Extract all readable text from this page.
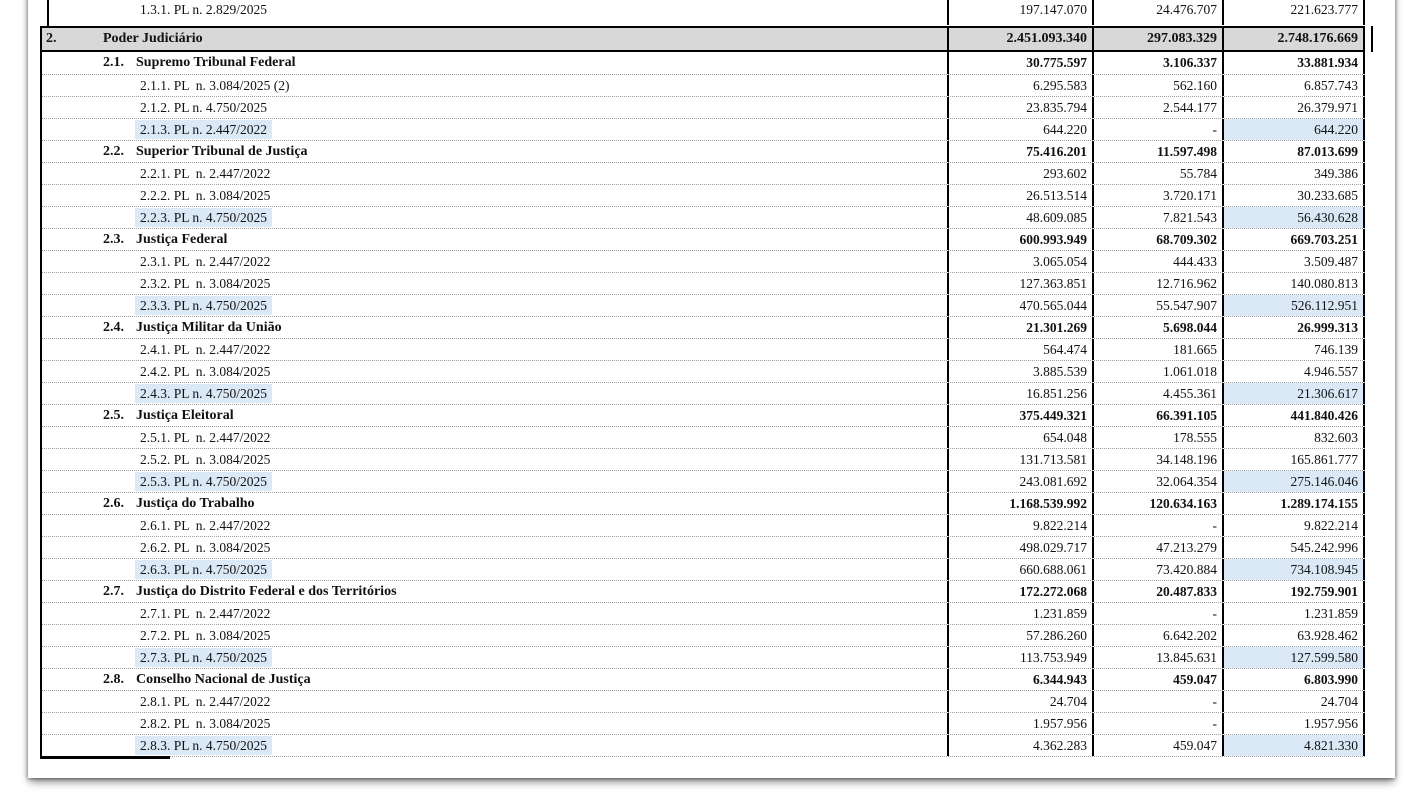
1.3.1. PL n. 2.829/2025	197.147.070	24.476.707	221.623.777
2.	Poder Judiciário	2.451.093.340	297.083.329	2.748.176.669
2.1. Supremo Tribunal Federal	30.775.597	3.106.337	33.881.934
2.1.1. PL  n. 3.084/2025 (2)	6.295.583	562.160	6.857.743
2.1.2. PL n. 4.750/2025	23.835.794	2.544.177	26.379.971
2.1.3. PL n. 2.447/2022	644.220	-	644.220
2.2. Superior Tribunal de Justiça	75.416.201	11.597.498	87.013.699
2.2.1. PL  n. 2.447/2022	293.602	55.784	349.386
2.2.2. PL  n. 3.084/2025	26.513.514	3.720.171	30.233.685
2.2.3. PL n. 4.750/2025	48.609.085	7.821.543	56.430.628
2.3. Justiça Federal	600.993.949	68.709.302	669.703.251
2.3.1. PL  n. 2.447/2022	3.065.054	444.433	3.509.487
2.3.2. PL  n. 3.084/2025	127.363.851	12.716.962	140.080.813
2.3.3. PL n. 4.750/2025	470.565.044	55.547.907	526.112.951
2.4. Justiça Militar da União	21.301.269	5.698.044	26.999.313
2.4.1. PL  n. 2.447/2022	564.474	181.665	746.139
2.4.2. PL  n. 3.084/2025	3.885.539	1.061.018	4.946.557
2.4.3. PL n. 4.750/2025	16.851.256	4.455.361	21.306.617
2.5. Justiça Eleitoral	375.449.321	66.391.105	441.840.426
2.5.1. PL  n. 2.447/2022	654.048	178.555	832.603
2.5.2. PL  n. 3.084/2025	131.713.581	34.148.196	165.861.777
2.5.3. PL n. 4.750/2025	243.081.692	32.064.354	275.146.046
2.6. Justiça do Trabalho	1.168.539.992	120.634.163	1.289.174.155
2.6.1. PL  n. 2.447/2022	9.822.214	-	9.822.214
2.6.2. PL  n. 3.084/2025	498.029.717	47.213.279	545.242.996
2.6.3. PL n. 4.750/2025	660.688.061	73.420.884	734.108.945
2.7. Justiça do Distrito Federal e dos Territórios	172.272.068	20.487.833	192.759.901
2.7.1. PL  n. 2.447/2022	1.231.859	-	1.231.859
2.7.2. PL  n. 3.084/2025	57.286.260	6.642.202	63.928.462
2.7.3. PL n. 4.750/2025	113.753.949	13.845.631	127.599.580
2.8. Conselho Nacional de Justiça	6.344.943	459.047	6.803.990
2.8.1. PL  n. 2.447/2022	24.704	-	24.704
2.8.2. PL  n. 3.084/2025	1.957.956	-	1.957.956
2.8.3. PL n. 4.750/2025	4.362.283	459.047	4.821.330
